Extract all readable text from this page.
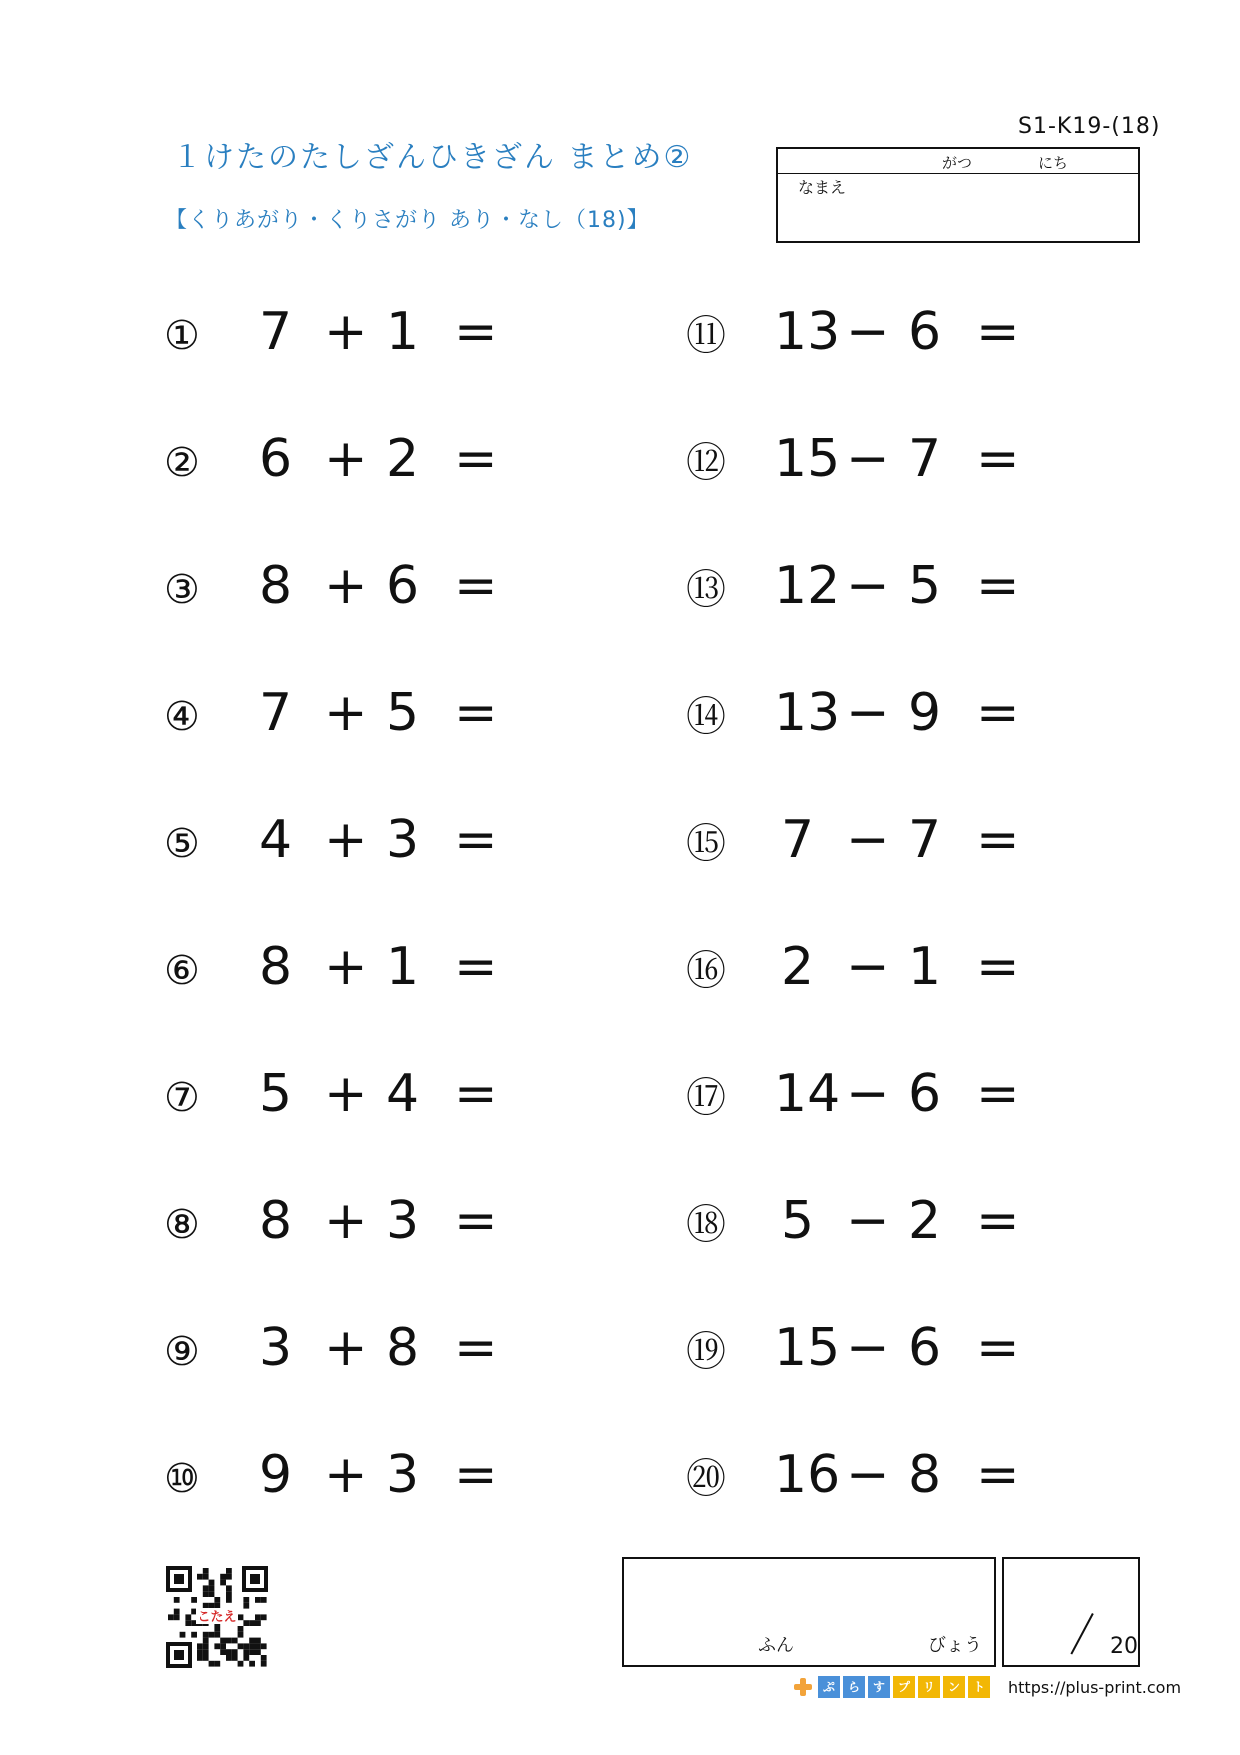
１けたのたしざんひきざん まとめ②
【くりあがり・くりさがり あり・なし（18)】
S1-K19-(18)
がつ	にち
なまえ
① 7 + 1 =
② 6 + 2 =
③ 8 + 6 =
④ 7 + 5 =
⑤ 4 + 3 =
⑥ 8 + 1 =
⑦ 5 + 4 =
⑧ 8 + 3 =
⑨ 3 + 8 =
⑩ 9 + 3 =
⑪ 13 − 6 =
⑫ 15 − 7 =
⑬ 12 − 5 =
⑭ 13 − 9 =
⑮ 7 − 7 =
⑯ 2 − 1 =
⑰ 14 − 6 =
⑱ 5 − 2 =
⑲ 15 − 6 =
⑳ 16 − 8 =
こたえ
ふん	びょう	20
ぷ	ら	す	プ	リ	ン	ト	https://plus-print.com
